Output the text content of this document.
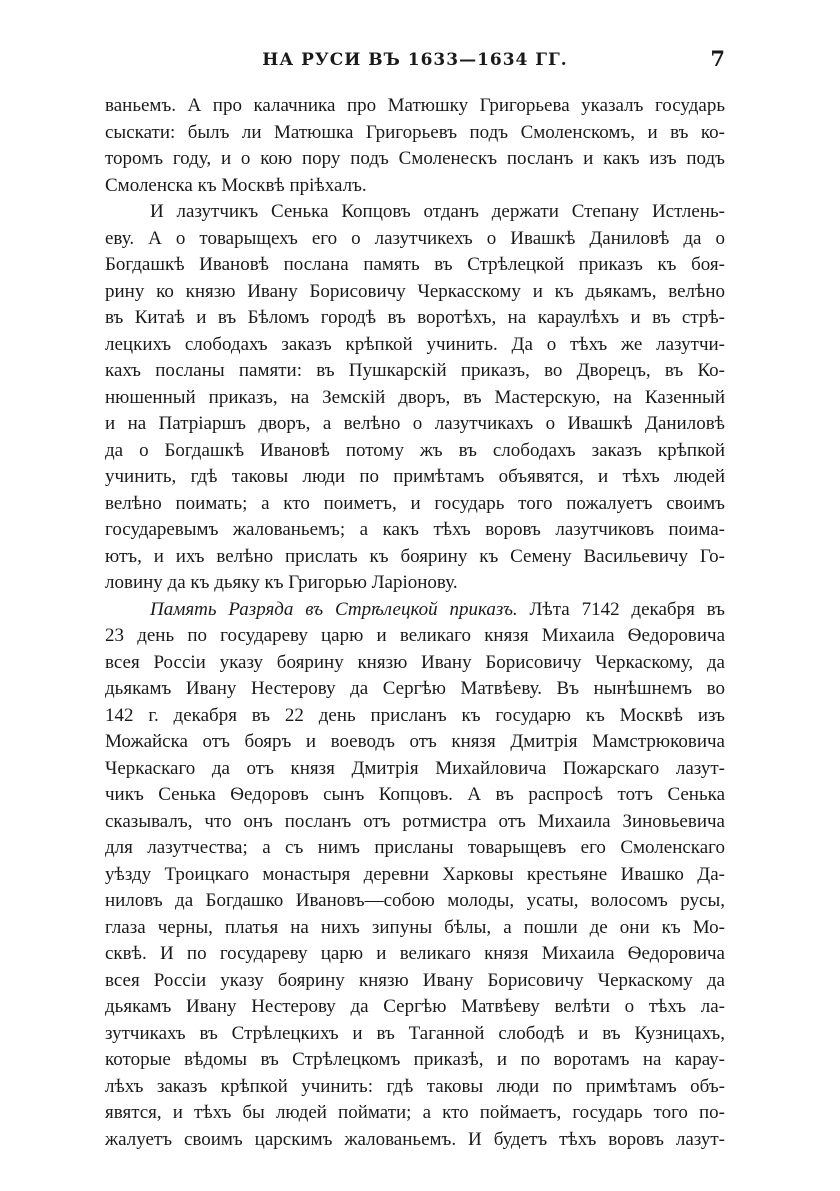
НА РУСИ ВЪ 1633—1634 ГГ.	7
ваньемъ. А про калачника про Матюшку Григорьева указалъ государь
сыскати: былъ ли Матюшка Григорьевъ подъ Смоленскомъ, и въ ко-
торомъ году, и о кою пору подъ Смоленескъ посланъ и какъ изъ подъ
Смоленска къ Москвѣ пріѣхалъ.
И лазутчикъ Сенька Копцовъ отданъ держати Степану Истлень-
еву. А о товарыщехъ его о лазутчикехъ о Ивашкѣ Даниловѣ да о
Богдашкѣ Ивановѣ послана память въ Стрѣлецкой приказъ къ боя-
рину ко князю Ивану Борисовичу Черкасскому и къ дьякамъ, велѣно
въ Китаѣ и въ Бѣломъ городѣ въ воротѣхъ, на караулѣхъ и въ стрѣ-
лецкихъ слободахъ заказъ крѣпкой учинить. Да о тѣхъ же лазутчи-
кахъ посланы памяти: въ Пушкарскій приказъ, во Дворецъ, въ Ко-
нюшенный приказъ, на Земскій дворъ, въ Мастерскую, на Казенный
и на Патріаршъ дворъ, а велѣно о лазутчикахъ о Ивашкѣ Даниловѣ
да о Богдашкѣ Ивановѣ потому жъ въ слободахъ заказъ крѣпкой
учинить, гдѣ таковы люди по примѣтамъ объявятся, и тѣхъ людей
велѣно поимать; а кто поиметъ, и государь того пожалуетъ своимъ
государевымъ жалованьемъ; а какъ тѣхъ воровъ лазутчиковъ поима-
ютъ, и ихъ велѣно прислать къ боярину къ Семену Васильевичу Го-
ловину да къ дьяку къ Григорью Ларіонову.
Память Разряда въ Стрѣлецкой приказъ. Лѣта 7142 декабря въ
23 день по государеву царю и великаго князя Михаила Ѳедоровича
всея Россіи указу боярину князю Ивану Борисовичу Черкаскому, да
дьякамъ Ивану Нестерову да Сергѣю Матвѣеву. Въ нынѣшнемъ во
142 г. декабря въ 22 день присланъ къ государю къ Москвѣ изъ
Можайска отъ бояръ и воеводъ отъ князя Дмитрія Мамстрюковича
Черкаскаго да отъ князя Дмитрія Михайловича Пожарскаго лазут-
чикъ Сенька Ѳедоровъ сынъ Копцовъ. А въ распросѣ тотъ Сенька
сказывалъ, что онъ посланъ отъ ротмистра отъ Михаила Зиновьевича
для лазутчества; а съ нимъ присланы товарыщевъ его Смоленскаго
уѣзду Троицкаго монастыря деревни Харковы крестьяне Ивашко Да-
ниловъ да Богдашко Ивановъ—собою молоды, усаты, волосомъ русы,
глаза черны, платья на нихъ зипуны бѣлы, а пошли де они къ Мо-
сквѣ. И по государеву царю и великаго князя Михаила Ѳедоровича
всея Россіи указу боярину князю Ивану Борисовичу Черкаскому да
дьякамъ Ивану Нестерову да Сергѣю Матвѣеву велѣти о тѣхъ ла-
зутчикахъ въ Стрѣлецкихъ и въ Таганной слободѣ и въ Кузницахъ,
которые вѣдомы въ Стрѣлецкомъ приказѣ, и по воротамъ на карау-
лѣхъ заказъ крѣпкой учинить: гдѣ таковы люди по примѣтамъ объ-
явятся, и тѣхъ бы людей поймати; а кто поймаетъ, государь того по-
жалуетъ своимъ царскимъ жалованьемъ. И будетъ тѣхъ воровъ лазут-
